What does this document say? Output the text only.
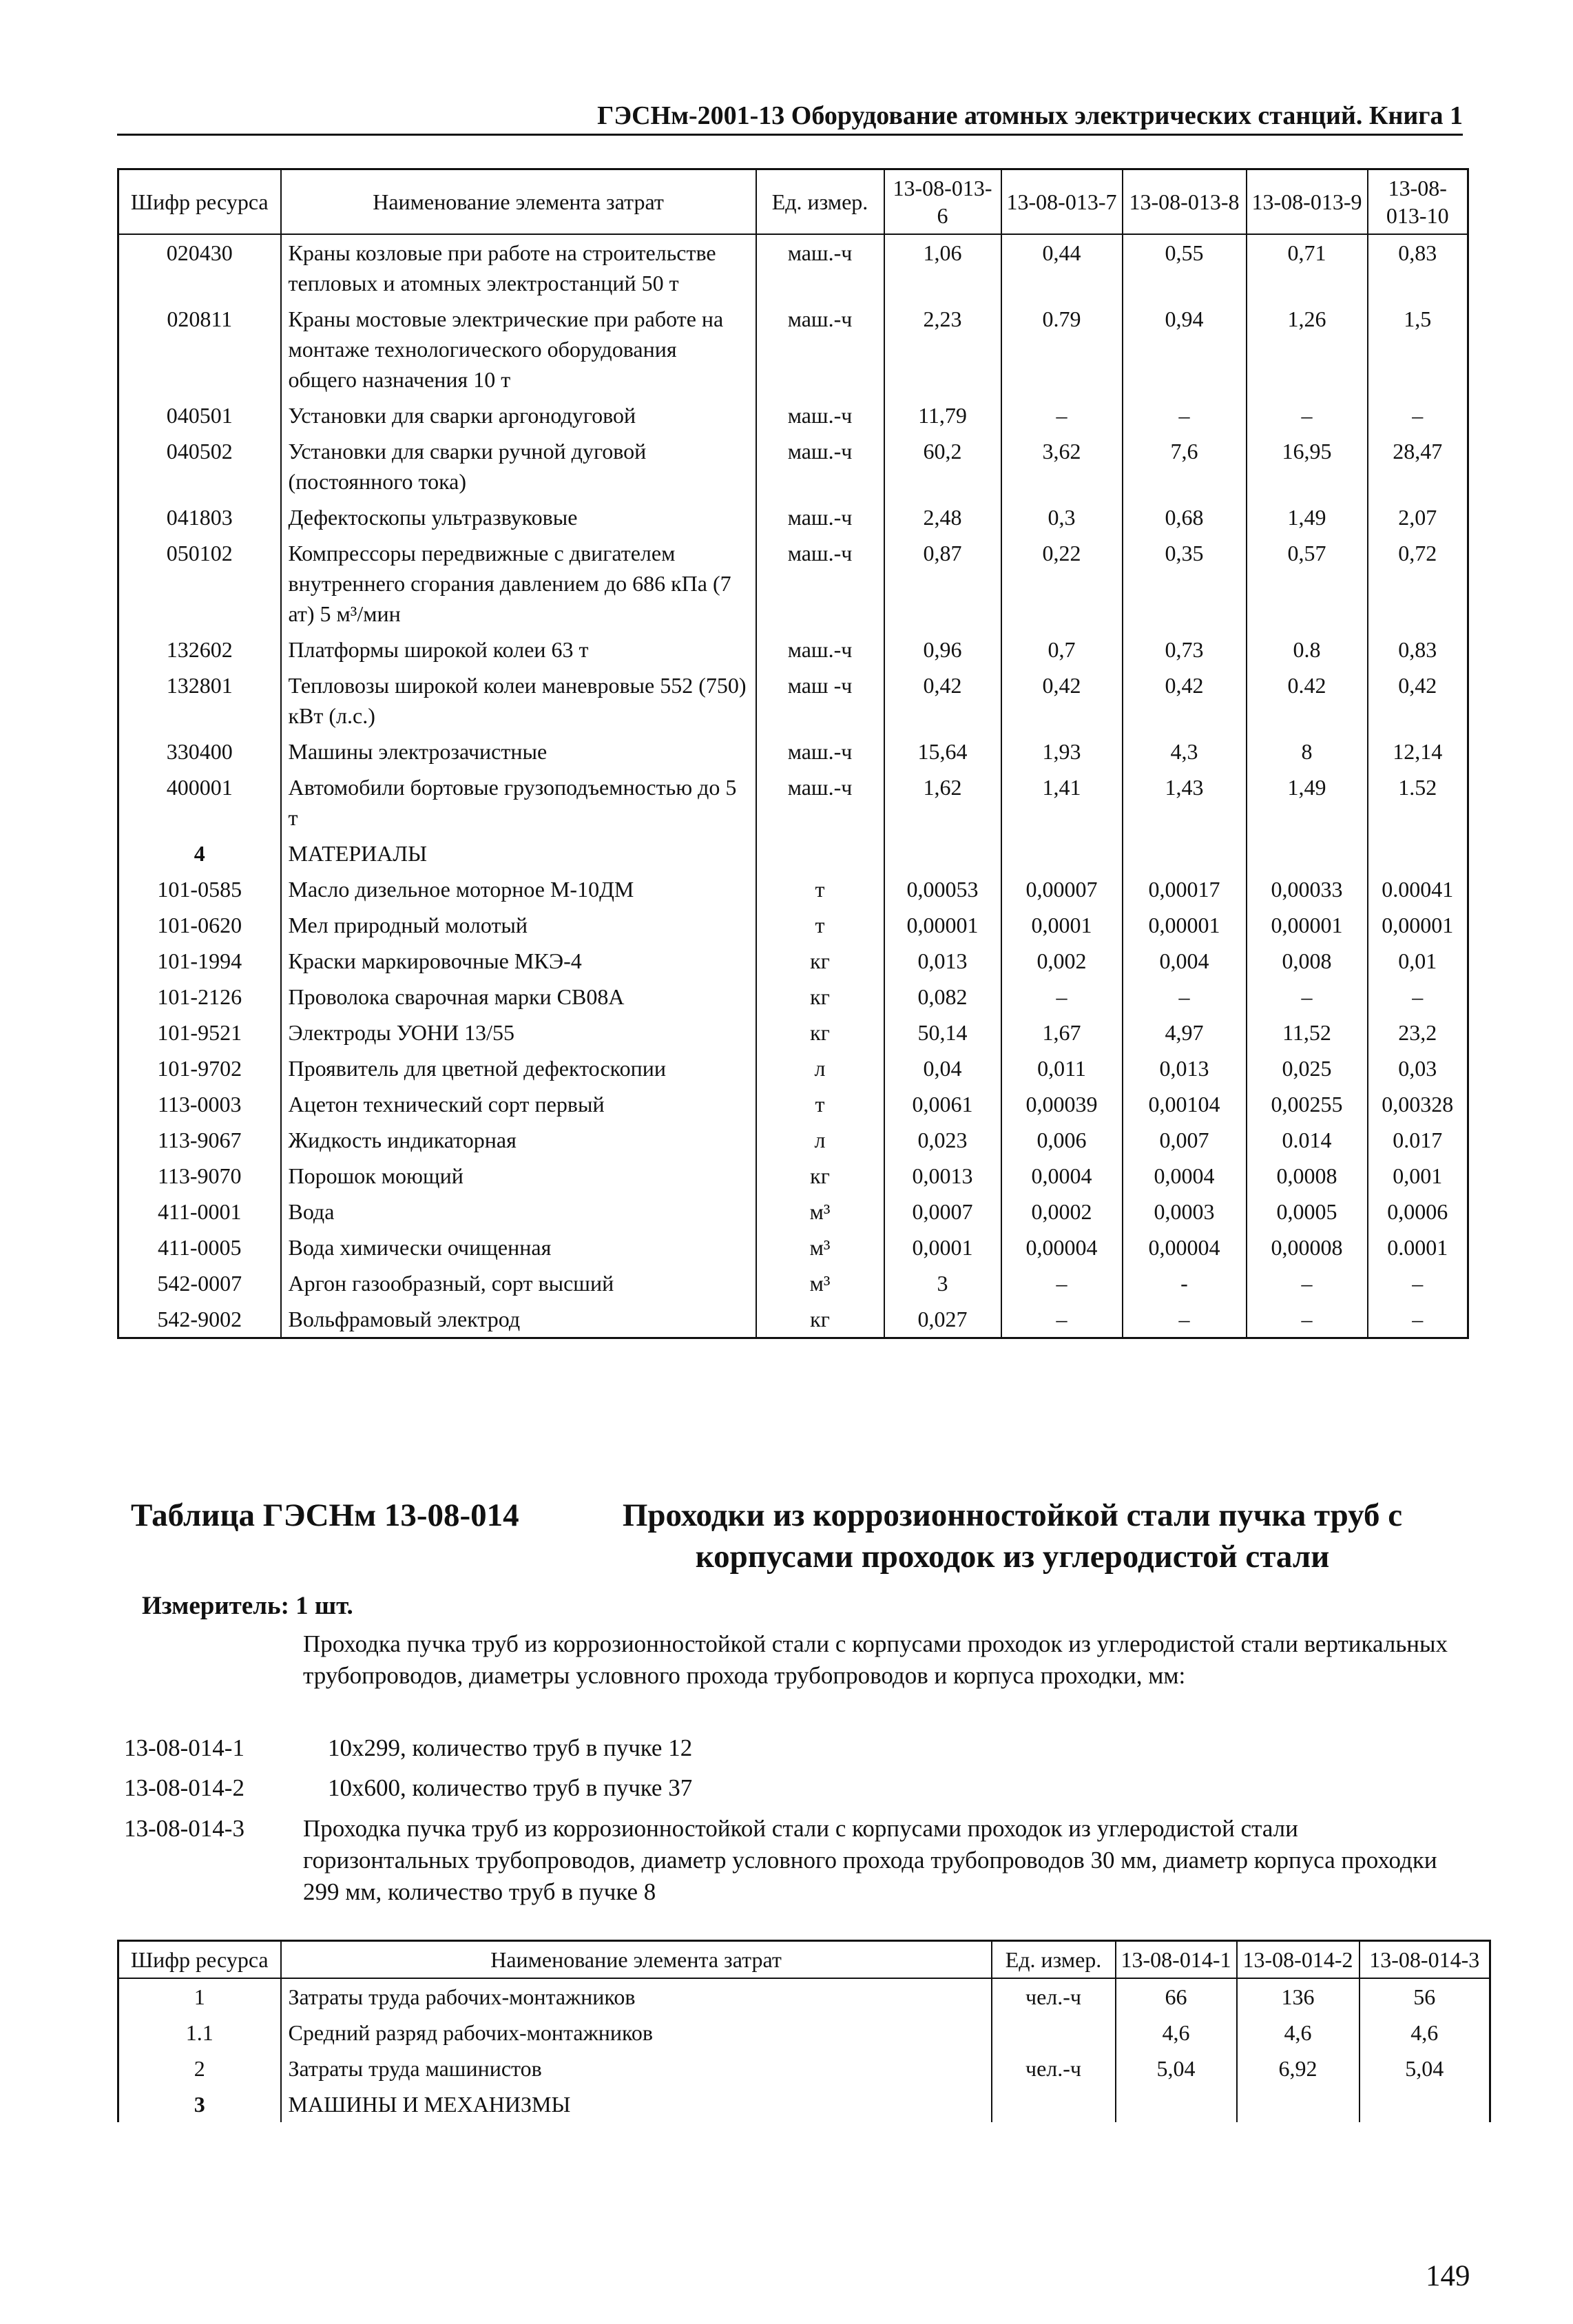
ГЭСНм-2001-13 Оборудование атомных электрических станций. Книга 1
Шифр ресурса	Наименование элемента затрат	Ед. измер.	13-08-013-6	13-08-013-7	13-08-013-8	13-08-013-9	13-08-013-10
020430	Краны козловые при работе на строительстве тепловых и атомных электростанций 50 т	маш.-ч	1,06	0,44	0,55	0,71	0,83
020811	Краны мостовые электрические при работе на монтаже технологического оборудования общего назначения 10 т	маш.-ч	2,23	0.79	0,94	1,26	1,5
040501	Установки для сварки аргонодуговой	маш.-ч	11,79	–	–	–	–
040502	Установки для сварки ручной дуговой (постоянного тока)	маш.-ч	60,2	3,62	7,6	16,95	28,47
041803	Дефектоскопы ультразвуковые	маш.-ч	2,48	0,3	0,68	1,49	2,07
050102	Компрессоры передвижные с двигателем внутреннего сгорания давлением до 686 кПа (7 ат) 5 м³/мин	маш.-ч	0,87	0,22	0,35	0,57	0,72
132602	Платформы широкой колеи 63 т	маш.-ч	0,96	0,7	0,73	0.8	0,83
132801	Тепловозы широкой колеи маневровые 552 (750) кВт (л.с.)	маш -ч	0,42	0,42	0,42	0.42	0,42
330400	Машины электрозачистные	маш.-ч	15,64	1,93	4,3	8	12,14
400001	Автомобили бортовые грузоподъемностью до 5 т	маш.-ч	1,62	1,41	1,43	1,49	1.52
4	МАТЕРИАЛЫ						
101-0585	Масло дизельное моторное М-10ДМ	т	0,00053	0,00007	0,00017	0,00033	0.00041
101-0620	Мел природный молотый	т	0,00001	0,0001	0,00001	0,00001	0,00001
101-1994	Краски маркировочные МКЭ-4	кг	0,013	0,002	0,004	0,008	0,01
101-2126	Проволока сварочная марки СВ08А	кг	0,082	–	–	–	–
101-9521	Электроды УОНИ 13/55	кг	50,14	1,67	4,97	11,52	23,2
101-9702	Проявитель для цветной дефектоскопии	л	0,04	0,011	0,013	0,025	0,03
113-0003	Ацетон технический сорт первый	т	0,0061	0,00039	0,00104	0,00255	0,00328
113-9067	Жидкость индикаторная	л	0,023	0,006	0,007	0.014	0.017
113-9070	Порошок моющий	кг	0,0013	0,0004	0,0004	0,0008	0,001
411-0001	Вода	м³	0,0007	0,0002	0,0003	0,0005	0,0006
411-0005	Вода химически очищенная	м³	0,0001	0,00004	0,00004	0,00008	0.0001
542-0007	Аргон газообразный, сорт высший	м³	3	–	-	–	–
542-9002	Вольфрамовый электрод	кг	0,027	–	–	–	–
Таблица ГЭСНм 13-08-014	Проходки из коррозионностойкой стали пучка труб с корпусами проходок из углеродистой стали
Измеритель: 1 шт.
Проходка пучка труб из коррозионностойкой стали с корпусами проходок из углеродистой стали вертикальных трубопроводов, диаметры условного прохода трубопроводов и корпуса проходки, мм:
13-08-014-1	10х299, количество труб в пучке 12
13-08-014-2	10х600, количество труб в пучке 37
13-08-014-3	Проходка пучка труб из коррозионностойкой стали с корпусами проходок из углеродистой стали горизонтальных трубопроводов, диаметр условного прохода трубопроводов 30 мм, диаметр корпуса проходки 299 мм, количество труб в пучке 8
Шифр ресурса	Наименование элемента затрат	Ед. измер.	13-08-014-1	13-08-014-2	13-08-014-3
1	Затраты труда рабочих-монтажников	чел.-ч	66	136	56
1.1	Средний разряд рабочих-монтажников		4,6	4,6	4,6
2	Затраты труда машинистов	чел.-ч	5,04	6,92	5,04
3	МАШИНЫ И МЕХАНИЗМЫ				
149
